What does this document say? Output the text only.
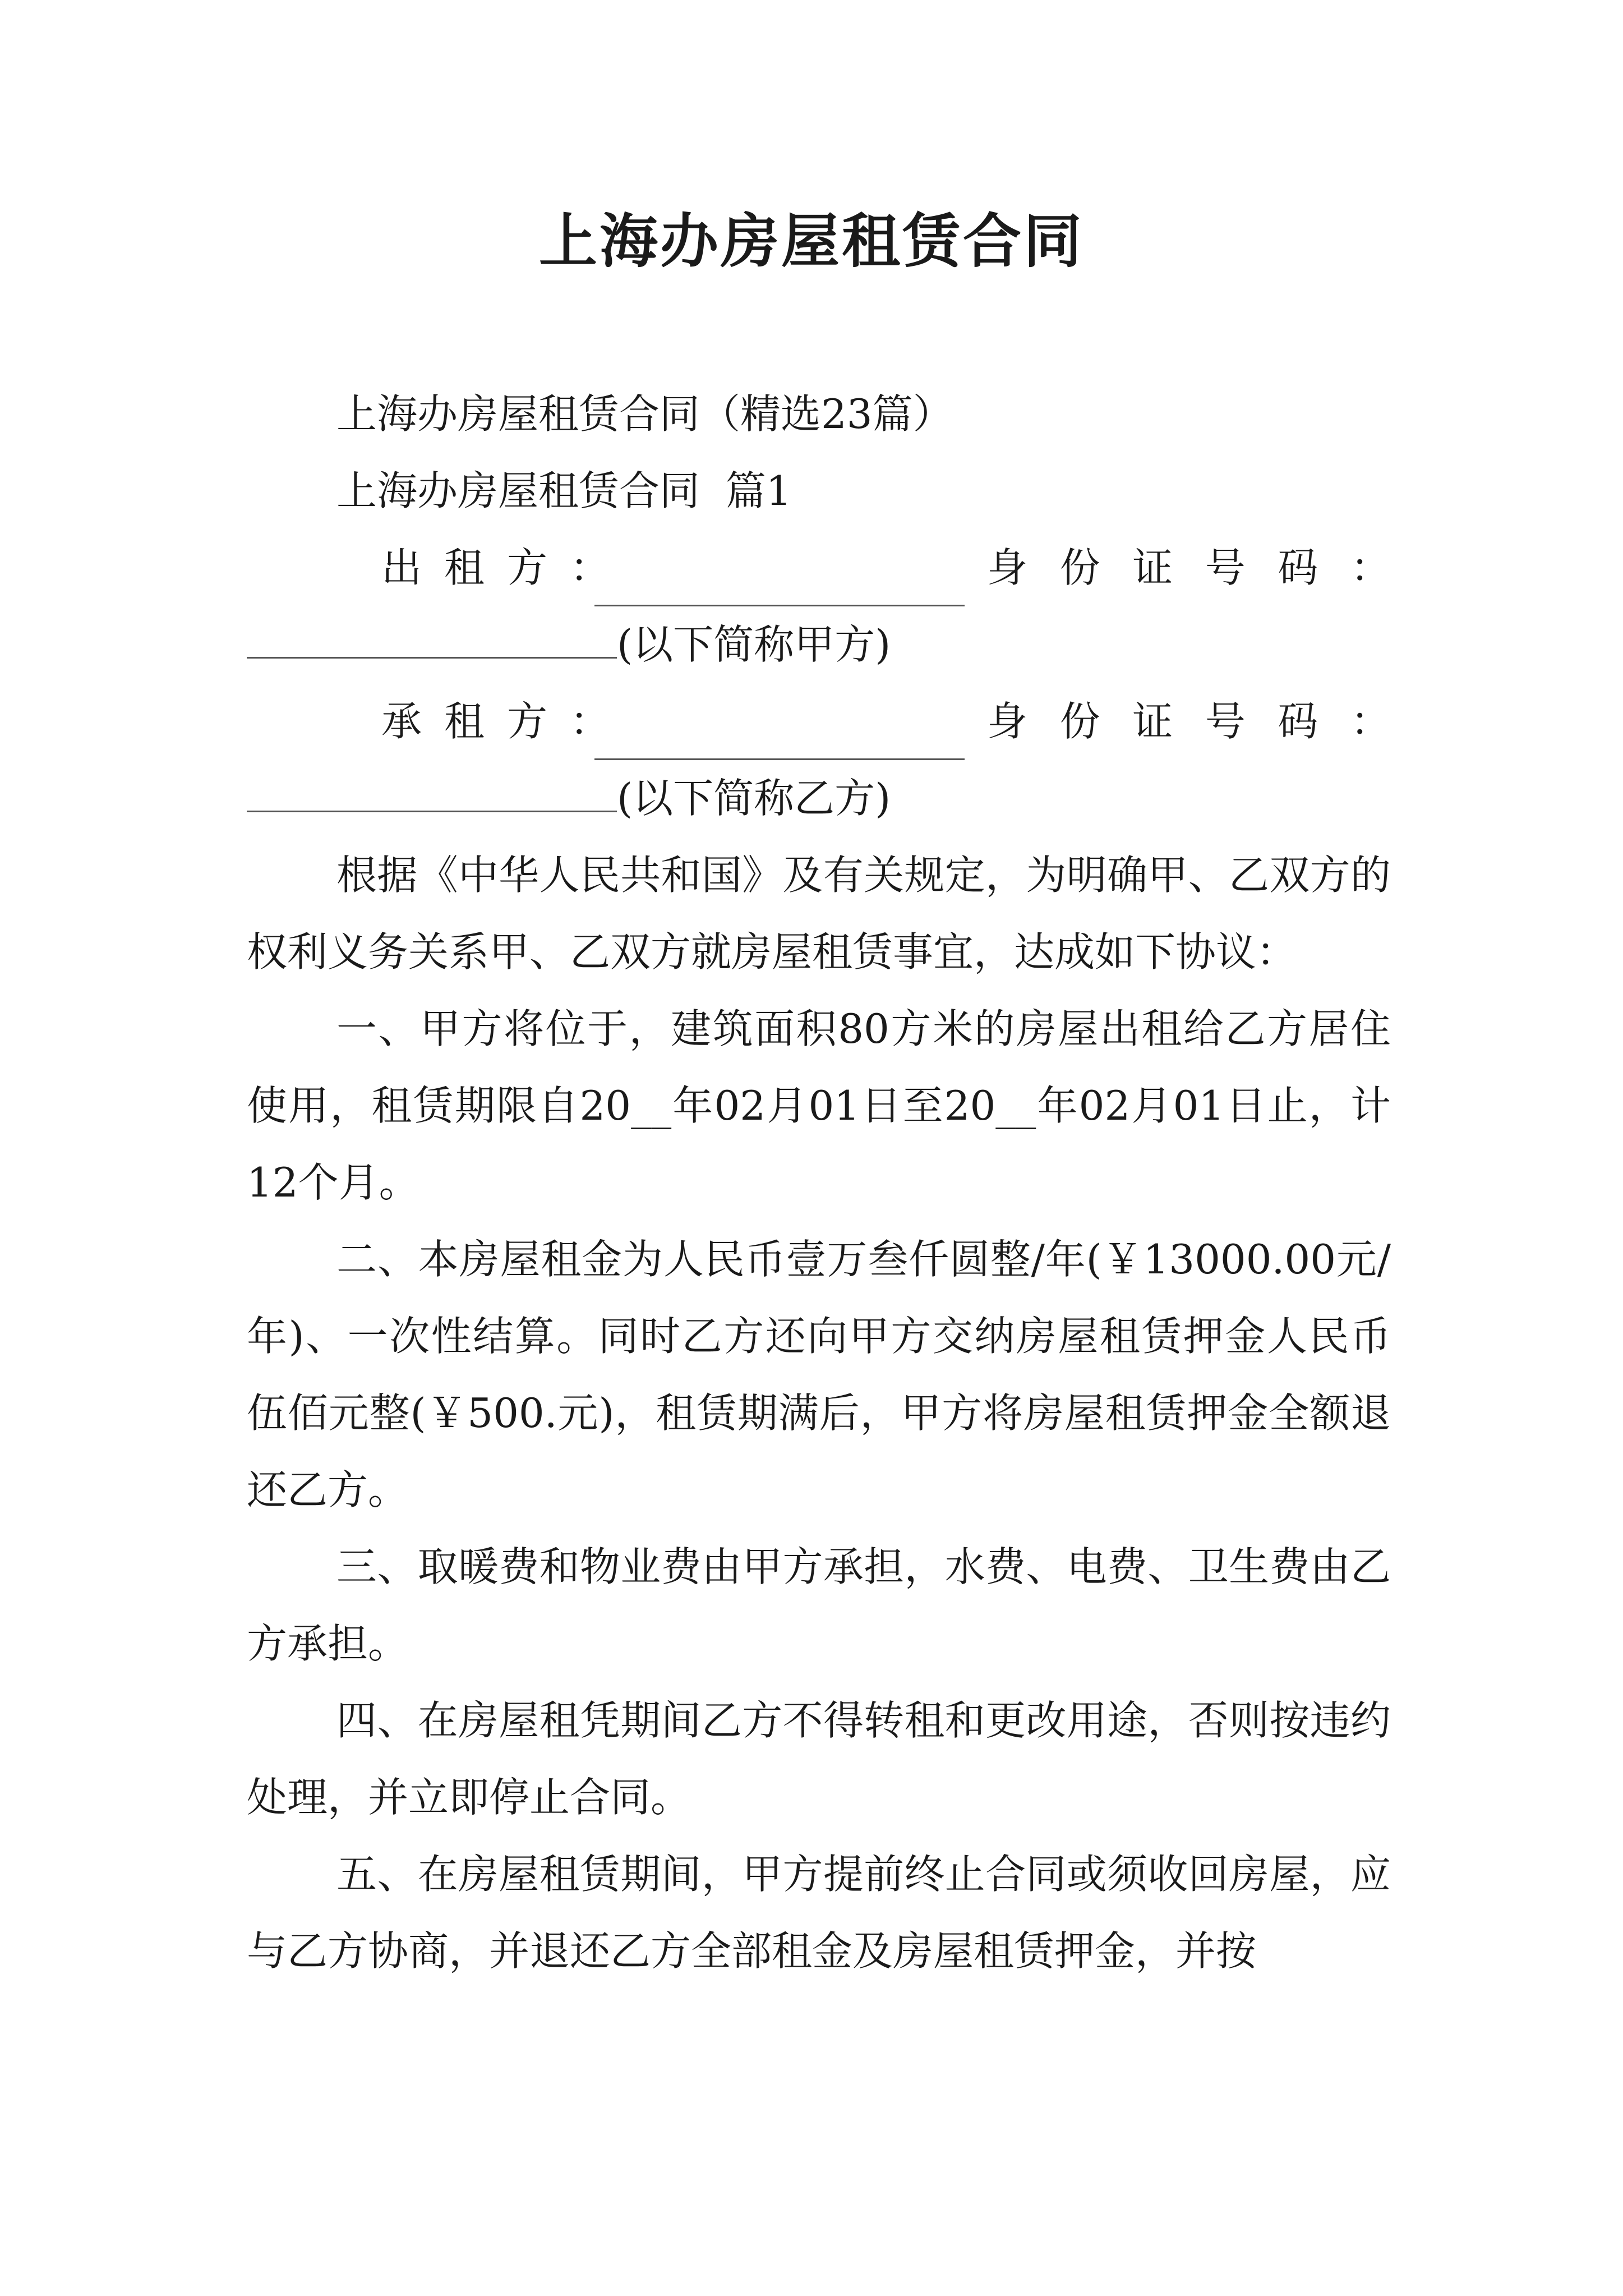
上海办房屋租赁合同

上海办房屋租赁合同（精选23篇）

上海办房屋租赁合同  篇1

出租方：	身 份 证 号 码 ：

(以下简称甲方)

承租方：	身 份 证 号 码 ：

(以下简称乙方)

根据《中华人民共和国》及有关规定，为明确甲、乙双方的权利义务关系甲、乙双方就房屋租赁事宜，达成如下协议：

一、甲方将位于，建筑面积80方米的房屋出租给乙方居住使用，租赁期限自20__年02月01日至20__年02月01日止，计12个月。

二、本房屋租金为人民币壹万叁仟圆整/年(￥13000.00元/年)、一次性结算。同时乙方还向甲方交纳房屋租赁押金人民币伍佰元整(￥500.元)，租赁期满后，甲方将房屋租赁押金全额退还乙方。

三、取暖费和物业费由甲方承担，水费、电费、卫生费由乙方承担。

四、在房屋租凭期间乙方不得转租和更改用途，否则按违约处理，并立即停止合同。

五、在房屋租赁期间，甲方提前终止合同或须收回房屋，应与乙方协商，并退还乙方全部租金及房屋租赁押金，并按
